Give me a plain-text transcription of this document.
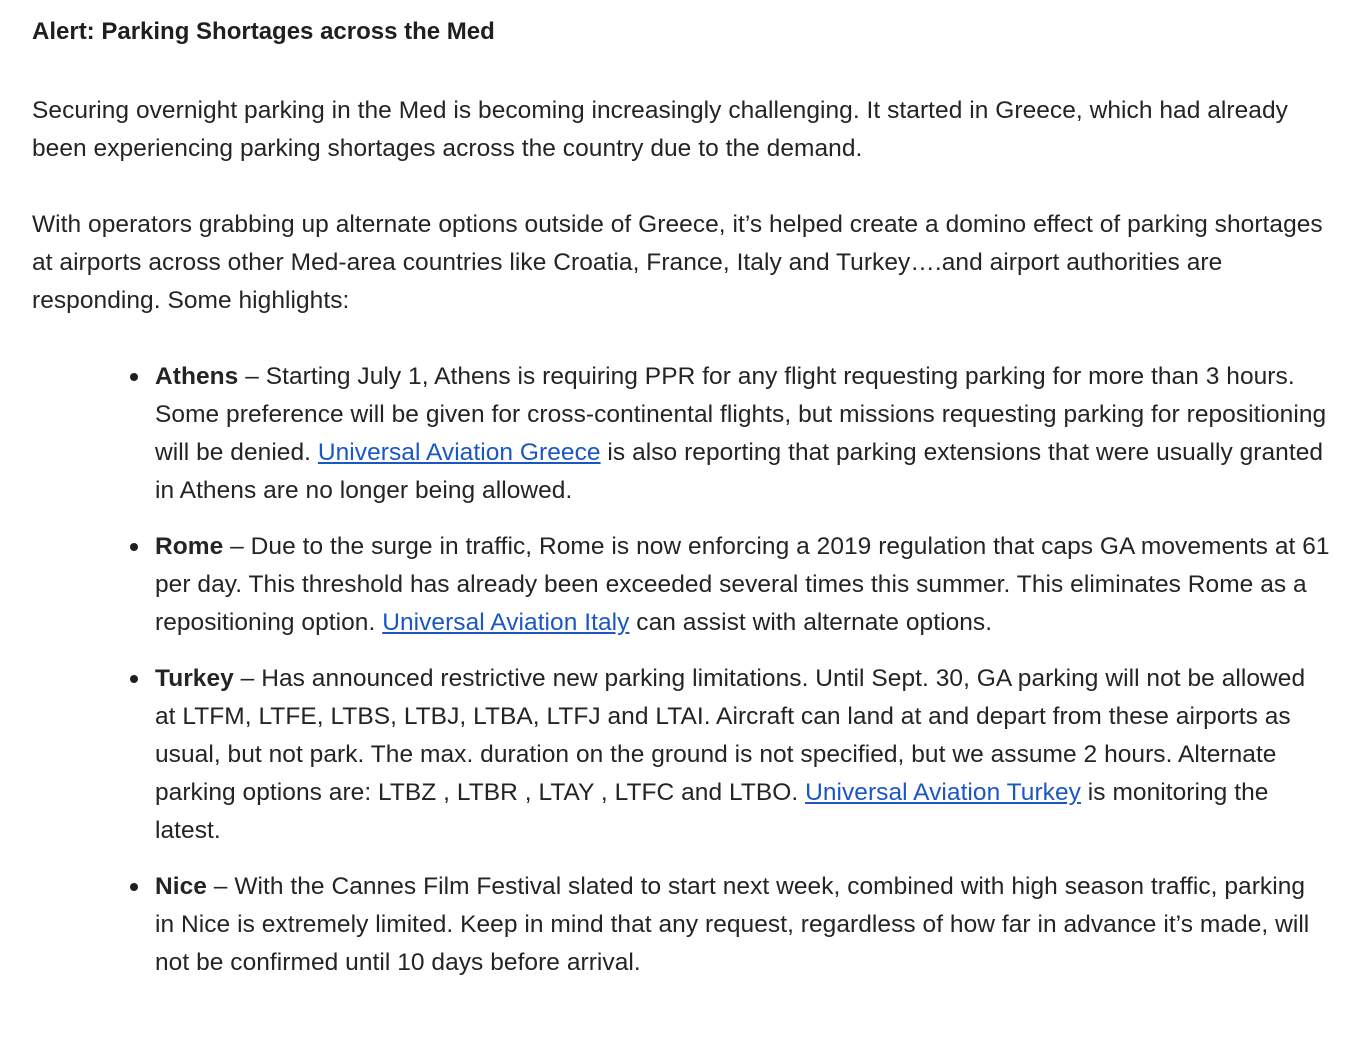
Alert: Parking Shortages across the Med

Securing overnight parking in the Med is becoming increasingly challenging. It started in Greece, which had already been experiencing parking shortages across the country due to the demand.

With operators grabbing up alternate options outside of Greece, it’s helped create a domino effect of parking shortages at airports across other Med-area countries like Croatia, France, Italy and Turkey….and airport authorities are responding. Some highlights:

Athens – Starting July 1, Athens is requiring PPR for any flight requesting parking for more than 3 hours. Some preference will be given for cross-continental flights, but missions requesting parking for repositioning will be denied. Universal Aviation Greece is also reporting that parking extensions that were usually granted in Athens are no longer being allowed.
Rome – Due to the surge in traffic, Rome is now enforcing a 2019 regulation that caps GA movements at 61 per day. This threshold has already been exceeded several times this summer. This eliminates Rome as a repositioning option. Universal Aviation Italy can assist with alternate options.
Turkey – Has announced restrictive new parking limitations. Until Sept. 30, GA parking will not be allowed at LTFM, LTFE, LTBS, LTBJ, LTBA, LTFJ and LTAI. Aircraft can land at and depart from these airports as usual, but not park. The max. duration on the ground is not specified, but we assume 2 hours. Alternate parking options are: LTBZ , LTBR , LTAY , LTFC and LTBO. Universal Aviation Turkey is monitoring the latest.
Nice – With the Cannes Film Festival slated to start next week, combined with high season traffic, parking in Nice is extremely limited. Keep in mind that any request, regardless of how far in advance it’s made, will not be confirmed until 10 days before arrival.
